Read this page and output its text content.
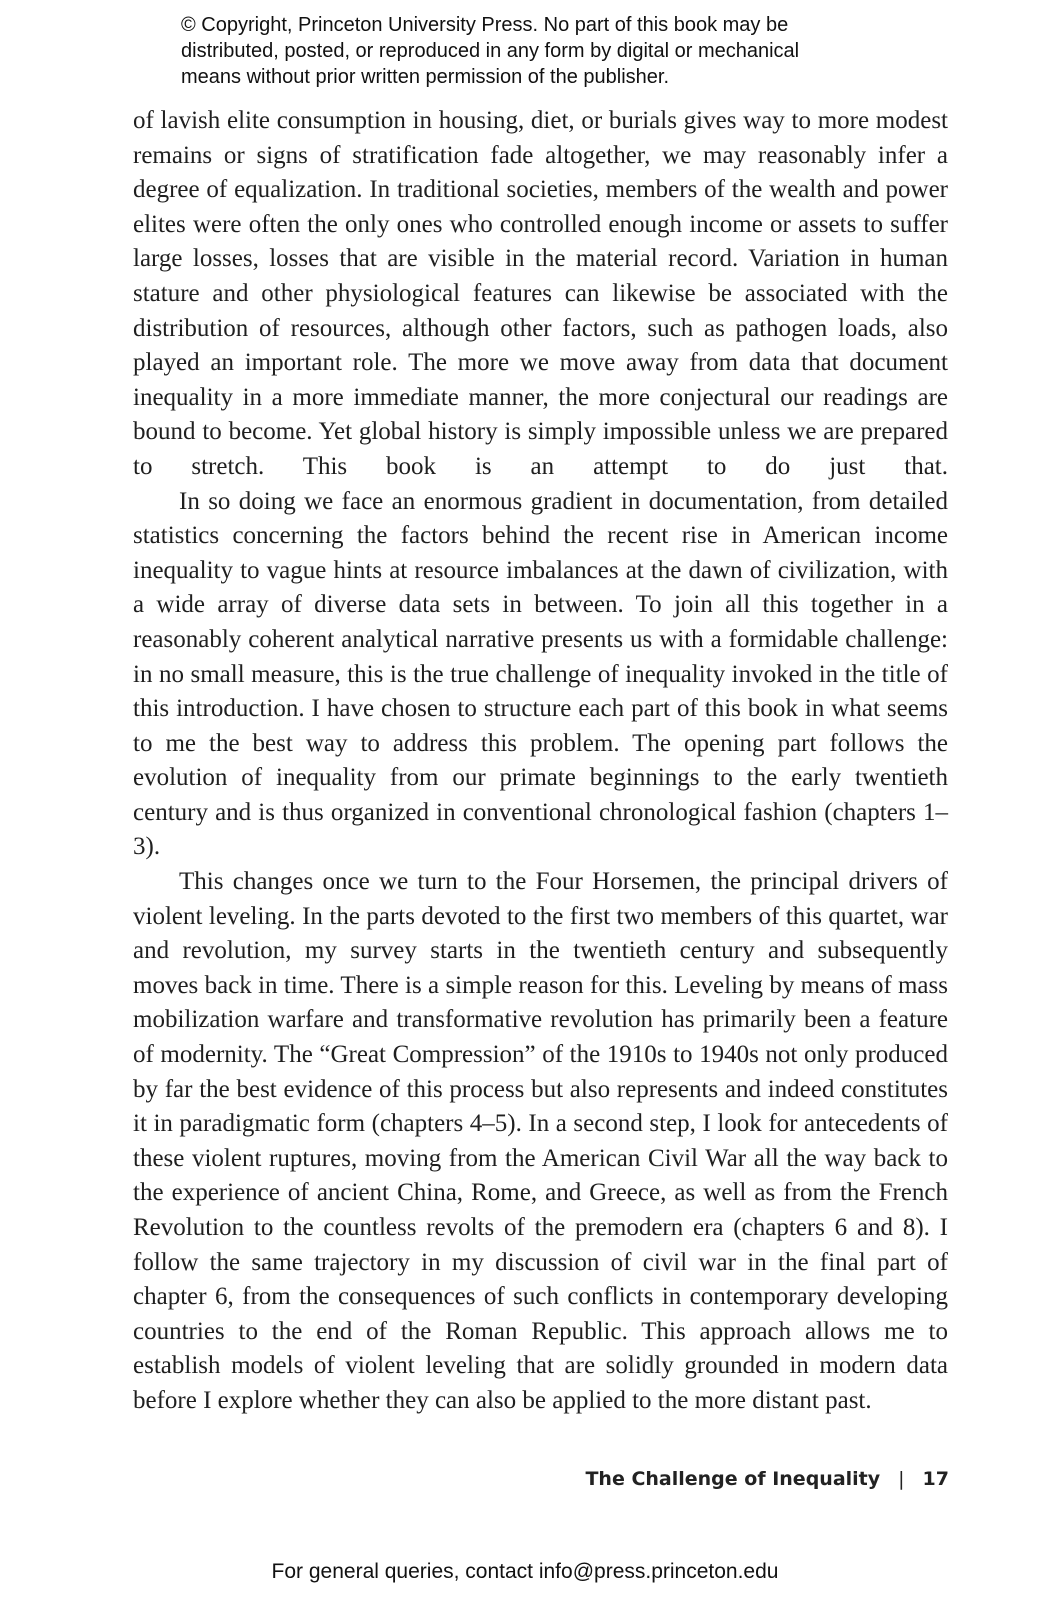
© Copyright, Princeton University Press. No part of this book may be
distributed, posted, or reproduced in any form by digital or mechanical
means without prior written permission of the publisher.

of lavish elite consumption in housing, diet, or burials gives way to more modest remains or signs of stratification fade altogether, we may reasonably infer a degree of equalization. In traditional societies, members of the wealth and power elites were often the only ones who controlled enough income or assets to suffer large losses, losses that are visible in the material record. Variation in human stature and other physiological features can likewise be associated with the distribution of resources, although other factors, such as pathogen loads, also played an important role. The more we move away from data that document inequality in a more immediate manner, the more conjectural our readings are bound to become. Yet global history is simply impossible unless we are prepared to stretch. This book is an attempt to do just that.

In so doing we face an enormous gradient in documentation, from detailed statistics concerning the factors behind the recent rise in American income inequality to vague hints at resource imbalances at the dawn of civilization, with a wide array of diverse data sets in between. To join all this together in a reasonably coherent analytical narrative presents us with a formidable challenge: in no small measure, this is the true challenge of inequality invoked in the title of this introduction. I have chosen to structure each part of this book in what seems to me the best way to address this problem. The opening part follows the evolution of inequality from our primate beginnings to the early twentieth century and is thus organized in conventional chronological fashion (chapters 1–3).

This changes once we turn to the Four Horsemen, the principal drivers of violent leveling. In the parts devoted to the first two members of this quartet, war and revolution, my survey starts in the twentieth century and subsequently moves back in time. There is a simple reason for this. Leveling by means of mass mobilization warfare and transformative revolution has primarily been a feature of modernity. The “Great Compression” of the 1910s to 1940s not only produced by far the best evidence of this process but also represents and indeed constitutes it in paradigmatic form (chapters 4–5). In a second step, I look for antecedents of these violent ruptures, moving from the American Civil War all the way back to the experience of ancient China, Rome, and Greece, as well as from the French Revolution to the countless revolts of the premodern era (chapters 6 and 8). I follow the same trajectory in my discussion of civil war in the final part of chapter 6, from the consequences of such conflicts in contemporary developing countries to the end of the Roman Republic. This approach allows me to establish models of violent leveling that are solidly grounded in modern data before I explore whether they can also be applied to the more distant past.

The Challenge of Inequality | 17
For general queries, contact info@press.princeton.edu
